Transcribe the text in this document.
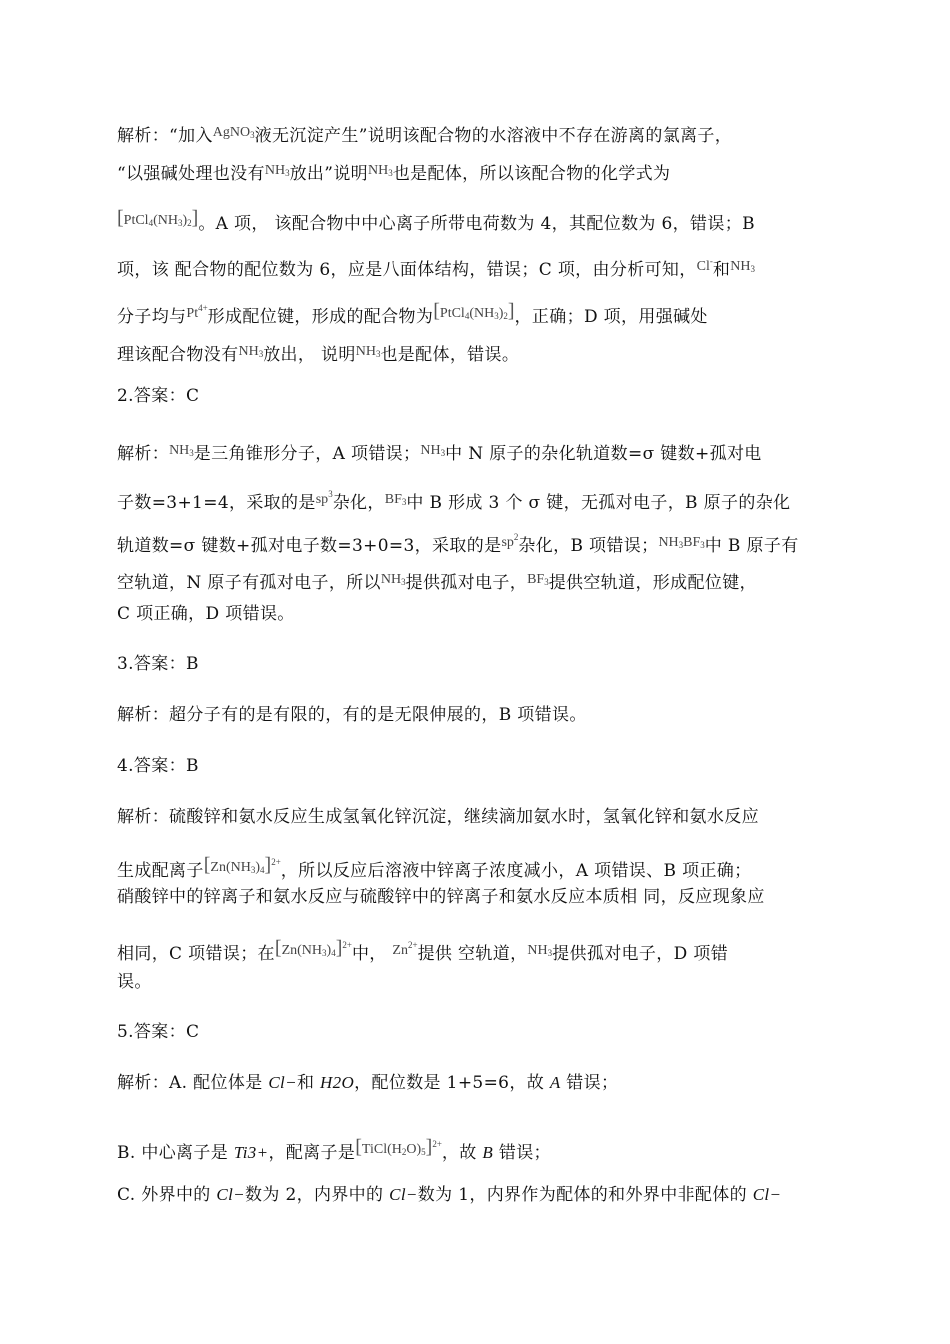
解析：“加入$^{AgNO_3}$液无沉淀产生”说明该配合物的水溶液中不存在游离的氯离子，
“以强碱处理也没有$^{NH_3}$放出”说明$^{NH_3}$也是配体，所以该配合物的化学式为
[PtCl4(NH3)2]。A 项， 该配合物中中心离子所带电荷数为 4，其配位数为 6，错误；B
项，该 配合物的配位数为 6，应是八面体结构，错误；C 项，由分析可知，$^{Cl^-}$和$^{NH_3}$
分子均与$^{Pt^{4+}}$形成配位键，形成的配合物为[PtCl4(NH3)2]，正确；D 项，用强碱处
理该配合物没有$^{NH_3}$放出， 说明$^{NH_3}$也是配体，错误。
2.答案：C
解析：$^{NH_3}$是三角锥形分子，A 项错误；$^{NH_3}$中 N 原子的杂化轨道数=σ 键数+孤对电
子数=3+1=4，采取的是$^{sp^3}$杂化，$^{BF_3}$中 B 形成 3 个 σ 键，无孤对电子，B 原子的杂化
轨道数=σ 键数+孤对电子数=3+0=3，采取的是$^{sp^2}$杂化，B 项错误；$^{NH_3BF_3}$中 B 原子有
空轨道，N 原子有孤对电子，所以$^{NH_3}$提供孤对电子，$^{BF_3}$提供空轨道，形成配位键，
C 项正确，D 项错误。
3.答案：B
解析：超分子有的是有限的，有的是无限伸展的，B 项错误。
4.答案：B
解析：硫酸锌和氨水反应生成氢氧化锌沉淀，继续滴加氨水时，氢氧化锌和氨水反应
生成配离子$^{[Zn(NH_3)_4]^{2+}}$，所以反应后溶液中锌离子浓度减小，A 项错误、B 项正确；
硝酸锌中的锌离子和氨水反应与硫酸锌中的锌离子和氨水反应本质相 同，反应现象应
相同，C 项错误；在$^{[Zn(NH_3)_4]^{2+}}$中， $^{Zn^{2+}}$提供 空轨道，$^{NH_3}$提供孤对电子，D 项错
误。
5.答案：C
解析：A. 配位体是 Cl−和 H2O，配位数是 1+5=6，故 A 错误；
B. 中心离子是 Ti3+，配离子是$^{[TiCl(H_2O)_5]^{2+}}$，故 B 错误；
C. 外界中的 Cl−数为 2，内界中的 Cl−数为 1，内界作为配体的和外界中非配体的 Cl−
